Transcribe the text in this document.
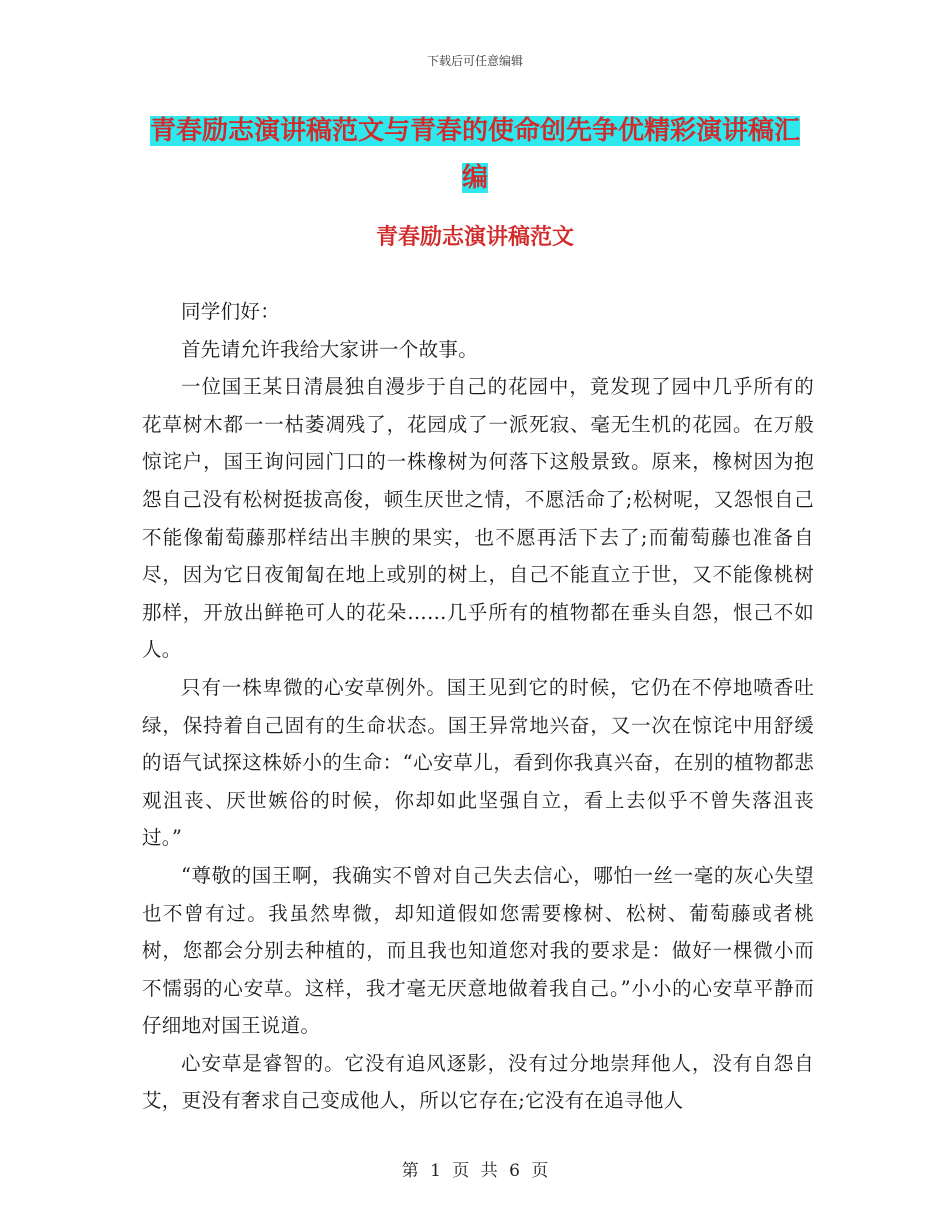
下载后可任意编辑
青春励志演讲稿范文与青春的使命创先争优精彩演讲稿汇编
青春励志演讲稿范文

同学们好：

首先请允许我给大家讲一个故事。

一位国王某日清晨独自漫步于自己的花园中，竟发现了园中几乎所有的花草树木都一一枯萎凋残了，花园成了一派死寂、毫无生机的花园。在万般惊诧户，国王询问园门口的一株橡树为何落下这般景致。原来，橡树因为抱怨自己没有松树挺拔高俊，顿生厌世之情，不愿活命了;松树呢，又怨恨自己不能像葡萄藤那样结出丰腴的果实，也不愿再活下去了;而葡萄藤也准备自尽，因为它日夜匍匐在地上或别的树上，自己不能直立于世，又不能像桃树那样，开放出鲜艳可人的花朵……几乎所有的植物都在垂头自怨，恨己不如人。

只有一株卑微的心安草例外。国王见到它的时候，它仍在不停地喷香吐绿，保持着自己固有的生命状态。国王异常地兴奋，又一次在惊诧中用舒缓的语气试探这株娇小的生命：“心安草儿，看到你我真兴奋，在别的植物都悲观沮丧、厌世嫉俗的时候，你却如此坚强自立，看上去似乎不曾失落沮丧过。”

“尊敬的国王啊，我确实不曾对自己失去信心，哪怕一丝一毫的灰心失望也不曾有过。我虽然卑微，却知道假如您需要橡树、松树、葡萄藤或者桃树，您都会分别去种植的，而且我也知道您对我的要求是：做好一棵微小而不懦弱的心安草。这样，我才毫无厌意地做着我自己。”小小的心安草平静而仔细地对国王说道。

心安草是睿智的。它没有追风逐影，没有过分地崇拜他人，没有自怨自艾，更没有奢求自己变成他人，所以它存在;它没有在追寻他人

第 1 页 共 6 页
